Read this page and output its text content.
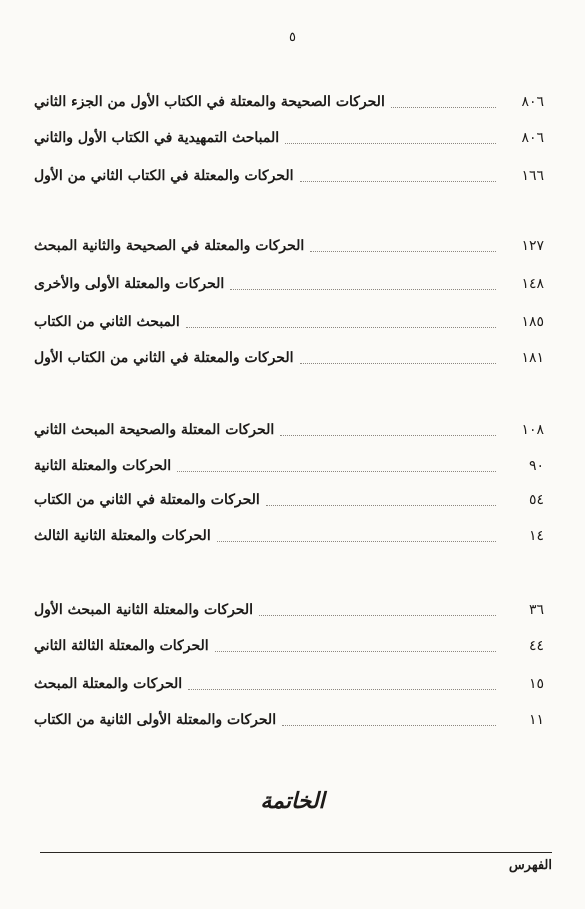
٥
٨٠٦
ﺍﻟﺤﺮﻛﺎﺕ ﺍﻟﺼﺤﻴﺤﺔ ﻭﺍﻟﻤﻌﺘﻠﺔ ﻓﻲ ﺍﻟﻜﺘﺎﺏ ﺍﻷﻭﻝ ﻣﻦ ﺍﻟﺠﺰﺀ ﺍﻟﺜﺎﻧﻲ
٨٠٦
ﺍﻟﻤﺒﺎﺣﺚ ﺍﻟﺘﻤﻬﻴﺪﻳﺔ ﻓﻲ ﺍﻟﻜﺘﺎﺏ ﺍﻷﻭﻝ ﻭﺍﻟﺜﺎﻧﻲ
١٦٦
ﺍﻟﺤﺮﻛﺎﺕ ﻭﺍﻟﻤﻌﺘﻠﺔ ﻓﻲ ﺍﻟﻜﺘﺎﺏ ﺍﻟﺜﺎﻧﻲ ﻣﻦ ﺍﻷﻭﻝ
١٢٧
ﺍﻟﺤﺮﻛﺎﺕ ﻭﺍﻟﻤﻌﺘﻠﺔ ﻓﻲ ﺍﻟﺼﺤﻴﺤﺔ ﻭﺍﻟﺜﺎﻧﻴﺔ ﺍﻟﻤﺒﺤﺚ
١٤٨
ﺍﻟﺤﺮﻛﺎﺕ ﻭﺍﻟﻤﻌﺘﻠﺔ ﺍﻷﻭﻟﻰ ﻭﺍﻷﺧﺮﻯ
١٨٥
ﺍﻟﻤﺒﺤﺚ ﺍﻟﺜﺎﻧﻲ ﻣﻦ ﺍﻟﻜﺘﺎﺏ
١٨١
ﺍﻟﺤﺮﻛﺎﺕ ﻭﺍﻟﻤﻌﺘﻠﺔ ﻓﻲ ﺍﻟﺜﺎﻧﻲ ﻣﻦ ﺍﻟﻜﺘﺎﺏ ﺍﻷﻭﻝ
١٠٨
ﺍﻟﺤﺮﻛﺎﺕ ﺍﻟﻤﻌﺘﻠﺔ ﻭﺍﻟﺼﺤﻴﺤﺔ ﺍﻟﻤﺒﺤﺚ ﺍﻟﺜﺎﻧﻲ
٩٠
ﺍﻟﺤﺮﻛﺎﺕ ﻭﺍﻟﻤﻌﺘﻠﺔ ﺍﻟﺜﺎﻧﻴﺔ
٥٤
ﺍﻟﺤﺮﻛﺎﺕ ﻭﺍﻟﻤﻌﺘﻠﺔ ﻓﻲ ﺍﻟﺜﺎﻧﻲ ﻣﻦ ﺍﻟﻜﺘﺎﺏ
١٤
ﺍﻟﺤﺮﻛﺎﺕ ﻭﺍﻟﻤﻌﺘﻠﺔ ﺍﻟﺜﺎﻧﻴﺔ ﺍﻟﺜﺎﻟﺚ
٣٦
ﺍﻟﺤﺮﻛﺎﺕ ﻭﺍﻟﻤﻌﺘﻠﺔ ﺍﻟﺜﺎﻧﻴﺔ ﺍﻟﻤﺒﺤﺚ ﺍﻷﻭﻝ
٤٤
ﺍﻟﺤﺮﻛﺎﺕ ﻭﺍﻟﻤﻌﺘﻠﺔ ﺍﻟﺜﺎﻟﺜﺔ ﺍﻟﺜﺎﻧﻲ
١٥
ﺍﻟﺤﺮﻛﺎﺕ ﻭﺍﻟﻤﻌﺘﻠﺔ ﺍﻟﻤﺒﺤﺚ
١١
ﺍﻟﺤﺮﻛﺎﺕ ﻭﺍﻟﻤﻌﺘﻠﺔ ﺍﻷﻭﻟﻰ ﺍﻟﺜﺎﻧﻴﺔ ﻣﻦ ﺍﻟﻜﺘﺎﺏ
ﺍﻟﺨﺎﺗﻤﺔ
ﺍﻟﻔﻬﺮﺱ
